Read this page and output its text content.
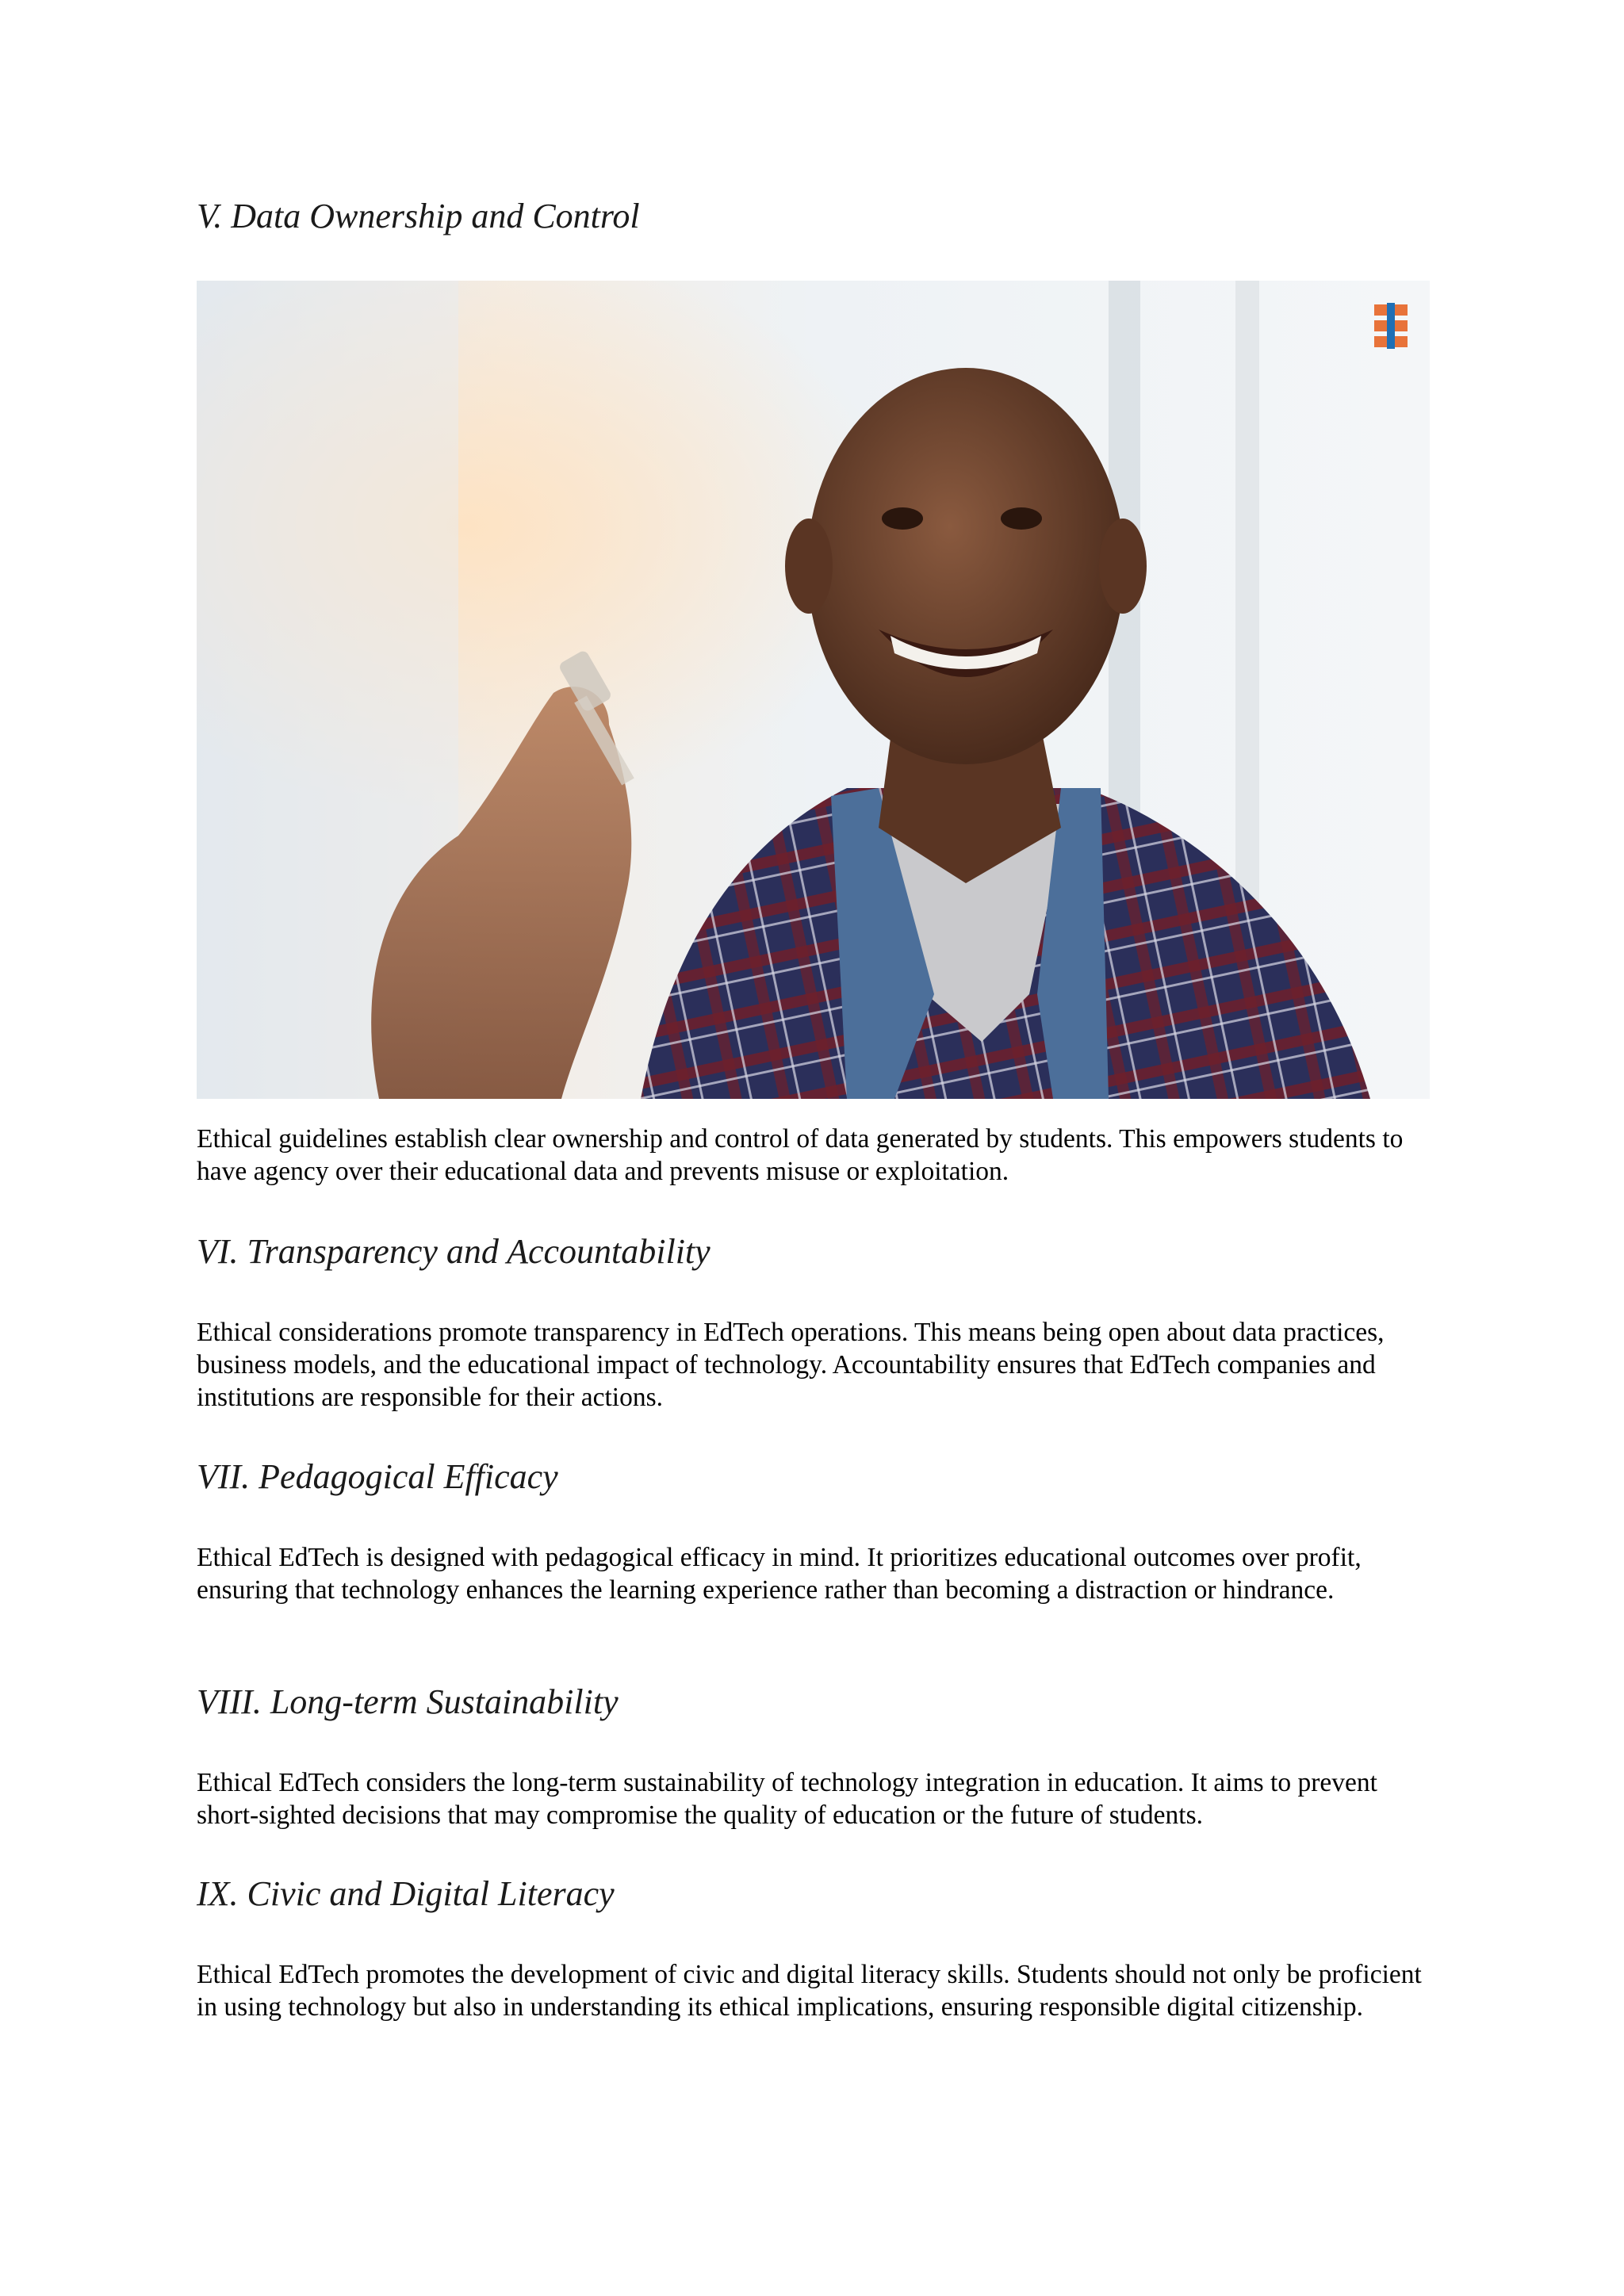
V. Data Ownership and Control

Ethical guidelines establish clear ownership and control of data generated by students. This empowers students to have agency over their educational data and prevents misuse or exploitation.

VI. Transparency and Accountability

Ethical considerations promote transparency in EdTech operations. This means being open about data practices, business models, and the educational impact of technology. Accountability ensures that EdTech companies and institutions are responsible for their actions.

VII. Pedagogical Efficacy

Ethical EdTech is designed with pedagogical efficacy in mind. It prioritizes educational outcomes over profit, ensuring that technology enhances the learning experience rather than becoming a distraction or hindrance.

VIII. Long-term Sustainability

Ethical EdTech considers the long-term sustainability of technology integration in education. It aims to prevent short-sighted decisions that may compromise the quality of education or the future of students.

IX. Civic and Digital Literacy

Ethical EdTech promotes the development of civic and digital literacy skills. Students should not only be proficient in using technology but also in understanding its ethical implications, ensuring responsible digital citizenship.
